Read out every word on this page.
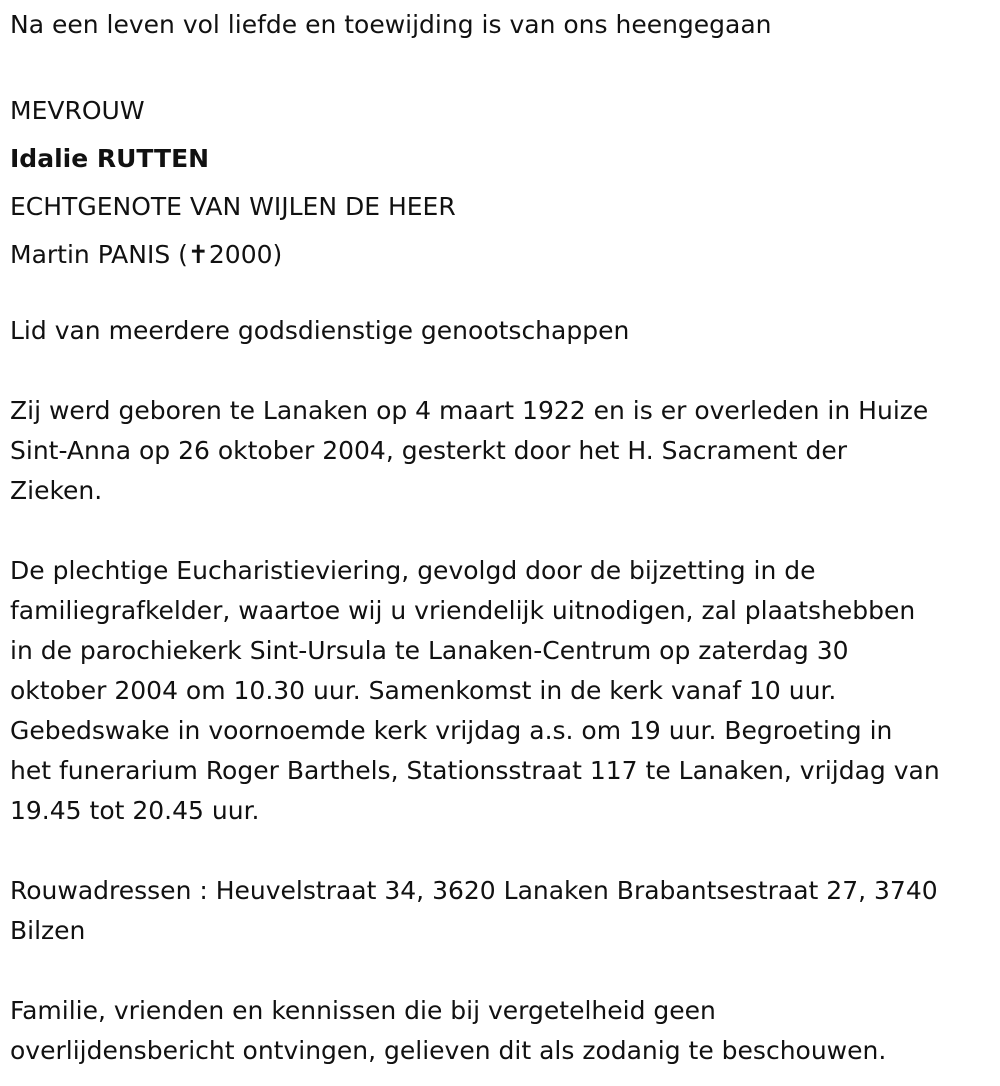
Na een leven vol liefde en toewijding is van ons heengegaan

MEVROUW

Idalie RUTTEN

ECHTGENOTE VAN WIJLEN DE HEER

Martin PANIS (✝2000)

Lid van meerdere godsdienstige genootschappen

Zij werd geboren te Lanaken op 4 maart 1922 en is er overleden in Huize

Sint-Anna op 26 oktober 2004, gesterkt door het H. Sacrament der

Zieken.

De plechtige Eucharistieviering, gevolgd door de bijzetting in de

familiegrafkelder, waartoe wij u vriendelijk uitnodigen, zal plaatshebben

in de parochiekerk Sint-Ursula te Lanaken-Centrum op zaterdag 30

oktober 2004 om 10.30 uur. Samenkomst in de kerk vanaf 10 uur.

Gebedswake in voornoemde kerk vrijdag a.s. om 19 uur. Begroeting in

het funerarium Roger Barthels, Stationsstraat 117 te Lanaken, vrijdag van

19.45 tot 20.45 uur.

Rouwadressen : Heuvelstraat 34, 3620 Lanaken Brabantsestraat 27, 3740

Bilzen

Familie, vrienden en kennissen die bij vergetelheid geen

overlijdensbericht ontvingen, gelieven dit als zodanig te beschouwen.
